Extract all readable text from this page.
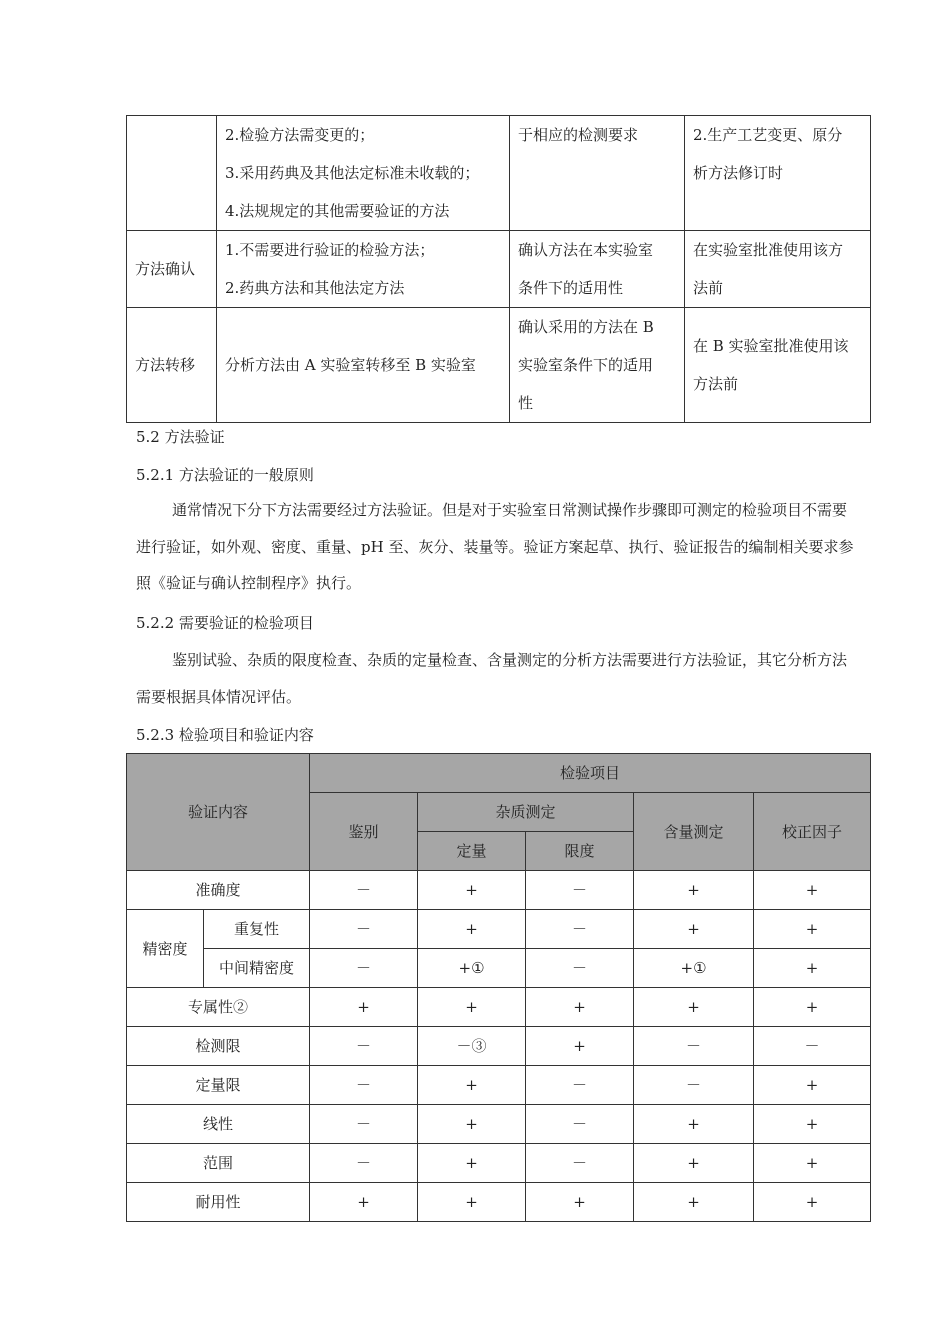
	2.检验方法需变更的；
3.采用药典及其他法定标准未收载的；
4.法规规定的其他需要验证的方法	于相应的检测要求	2.生产工艺变更、原分
析方法修订时

方法确认	1.不需要进行验证的检验方法；
2.药典方法和其他法定方法	确认方法在本实验室
条件下的适用性	在实验室批准使用该方
法前

方法转移	分析方法由 A 实验室转移至 B 实验室	确认采用的方法在 B
实验室条件下的适用
性	在 B 实验室批准使用该
方法前
5.2 方法验证
5.2.1 方法验证的一般原则
通常情况下分下方法需要经过方法验证。但是对于实验室日常测试操作步骤即可测定的检验项目不需要进行验证，如外观、密度、重量、pH 至、灰分、装量等。验证方案起草、执行、验证报告的编制相关要求参照《验证与确认控制程序》执行。
5.2.2 需要验证的检验项目
鉴别试验、杂质的限度检查、杂质的定量检查、含量测定的分析方法需要进行方法验证，其它分析方法需要根据具体情况评估。
5.2.3 检验项目和验证内容
验证内容		检验项目				
		鉴别	杂质测定		含量测定	校正因子
			定量	限度		
准确度		－	+	－	+	+
精密度	重复性	－	+	－	+	+
	中间精密度	－	+①	－	+①	+
专属性②		+	+	+	+	+
检测限		－	－③	+	－	－
定量限		－	+	－	－	+
线性		－	+	－	+	+
范围		－	+	－	+	+
耐用性		+	+	+	+	+
